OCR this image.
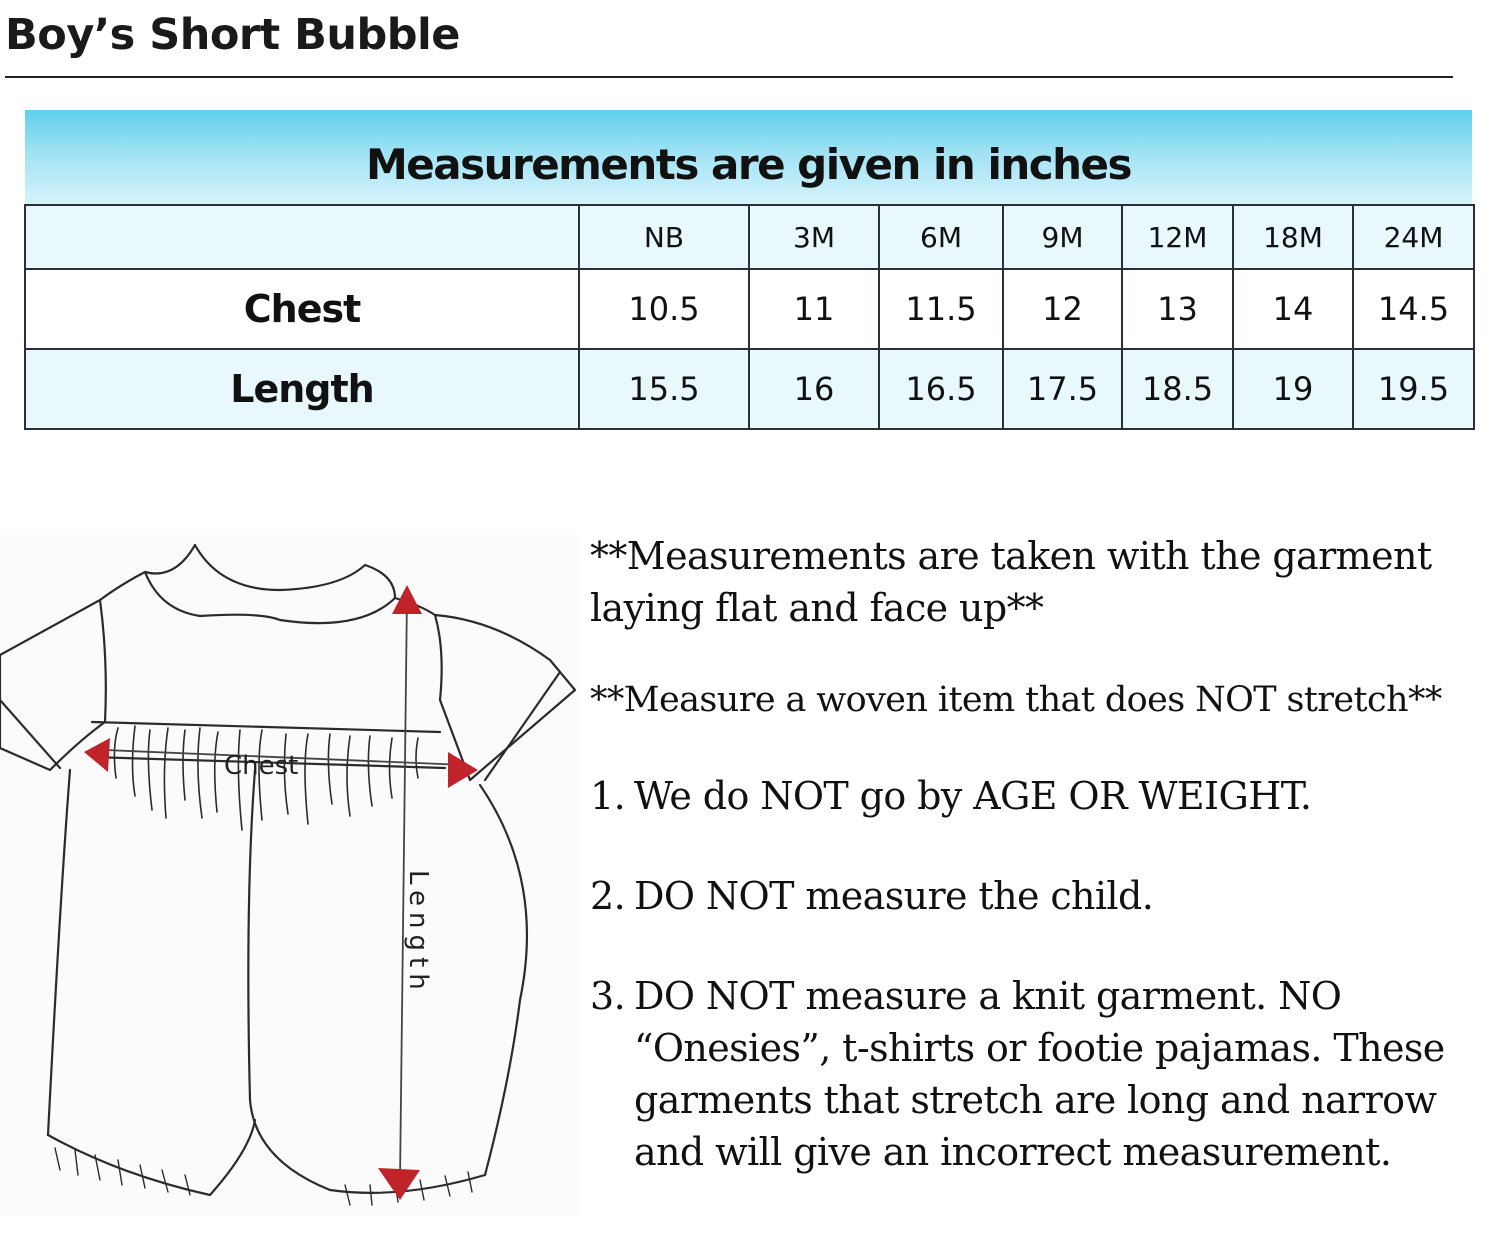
Boy’s Short Bubble
Measurements are given in inches
	NB	3M	6M	9M	12M	18M	24M
Chest	10.5	11	11.5	12	13	14	14.5
Length	15.5	16	16.5	17.5	18.5	19	19.5
Chest
Length
**Measurements are taken with the garment laying flat and face up**
**Measure a woven item that does NOT stretch**
1. We do NOT go by AGE OR WEIGHT.
2. DO NOT measure the child.
3. DO NOT measure a knit garment. NO “Onesies”, t-shirts or footie pajamas. These garments that stretch are long and narrow and will give an incorrect measurement.
